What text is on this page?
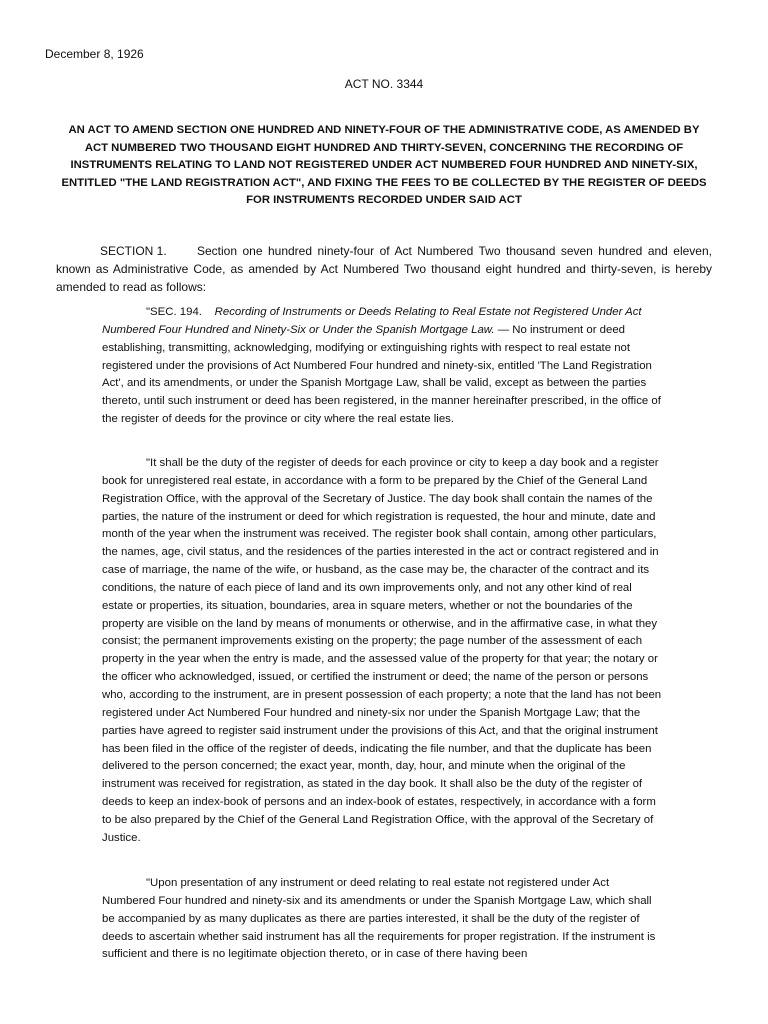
December 8, 1926
ACT NO. 3344
AN ACT TO AMEND SECTION ONE HUNDRED AND NINETY-FOUR OF THE ADMINISTRATIVE CODE, AS AMENDED BY ACT NUMBERED TWO THOUSAND EIGHT HUNDRED AND THIRTY-SEVEN, CONCERNING THE RECORDING OF INSTRUMENTS RELATING TO LAND NOT REGISTERED UNDER ACT NUMBERED FOUR HUNDRED AND NINETY-SIX, ENTITLED "THE LAND REGISTRATION ACT", AND FIXING THE FEES TO BE COLLECTED BY THE REGISTER OF DEEDS FOR INSTRUMENTS RECORDED UNDER SAID ACT
SECTION 1.	Section one hundred ninety-four of Act Numbered Two thousand seven hundred and eleven, known as Administrative Code, as amended by Act Numbered Two thousand eight hundred and thirty-seven, is hereby amended to read as follows:
"SEC. 194. Recording of Instruments or Deeds Relating to Real Estate not Registered Under Act Numbered Four Hundred and Ninety-Six or Under the Spanish Mortgage Law. — No instrument or deed establishing, transmitting, acknowledging, modifying or extinguishing rights with respect to real estate not registered under the provisions of Act Numbered Four hundred and ninety-six, entitled 'The Land Registration Act', and its amendments, or under the Spanish Mortgage Law, shall be valid, except as between the parties thereto, until such instrument or deed has been registered, in the manner hereinafter prescribed, in the office of the register of deeds for the province or city where the real estate lies.
"It shall be the duty of the register of deeds for each province or city to keep a day book and a register book for unregistered real estate, in accordance with a form to be prepared by the Chief of the General Land Registration Office, with the approval of the Secretary of Justice. The day book shall contain the names of the parties, the nature of the instrument or deed for which registration is requested, the hour and minute, date and month of the year when the instrument was received. The register book shall contain, among other particulars, the names, age, civil status, and the residences of the parties interested in the act or contract registered and in case of marriage, the name of the wife, or husband, as the case may be, the character of the contract and its conditions, the nature of each piece of land and its own improvements only, and not any other kind of real estate or properties, its situation, boundaries, area in square meters, whether or not the boundaries of the property are visible on the land by means of monuments or otherwise, and in the affirmative case, in what they consist; the permanent improvements existing on the property; the page number of the assessment of each property in the year when the entry is made, and the assessed value of the property for that year; the notary or the officer who acknowledged, issued, or certified the instrument or deed; the name of the person or persons who, according to the instrument, are in present possession of each property; a note that the land has not been registered under Act Numbered Four hundred and ninety-six nor under the Spanish Mortgage Law; that the parties have agreed to register said instrument under the provisions of this Act, and that the original instrument has been filed in the office of the register of deeds, indicating the file number, and that the duplicate has been delivered to the person concerned; the exact year, month, day, hour, and minute when the original of the instrument was received for registration, as stated in the day book. It shall also be the duty of the register of deeds to keep an index-book of persons and an index-book of estates, respectively, in accordance with a form to be also prepared by the Chief of the General Land Registration Office, with the approval of the Secretary of Justice.
"Upon presentation of any instrument or deed relating to real estate not registered under Act Numbered Four hundred and ninety-six and its amendments or under the Spanish Mortgage Law, which shall be accompanied by as many duplicates as there are parties interested, it shall be the duty of the register of deeds to ascertain whether said instrument has all the requirements for proper registration. If the instrument is sufficient and there is no legitimate objection thereto, or in case of there having been
